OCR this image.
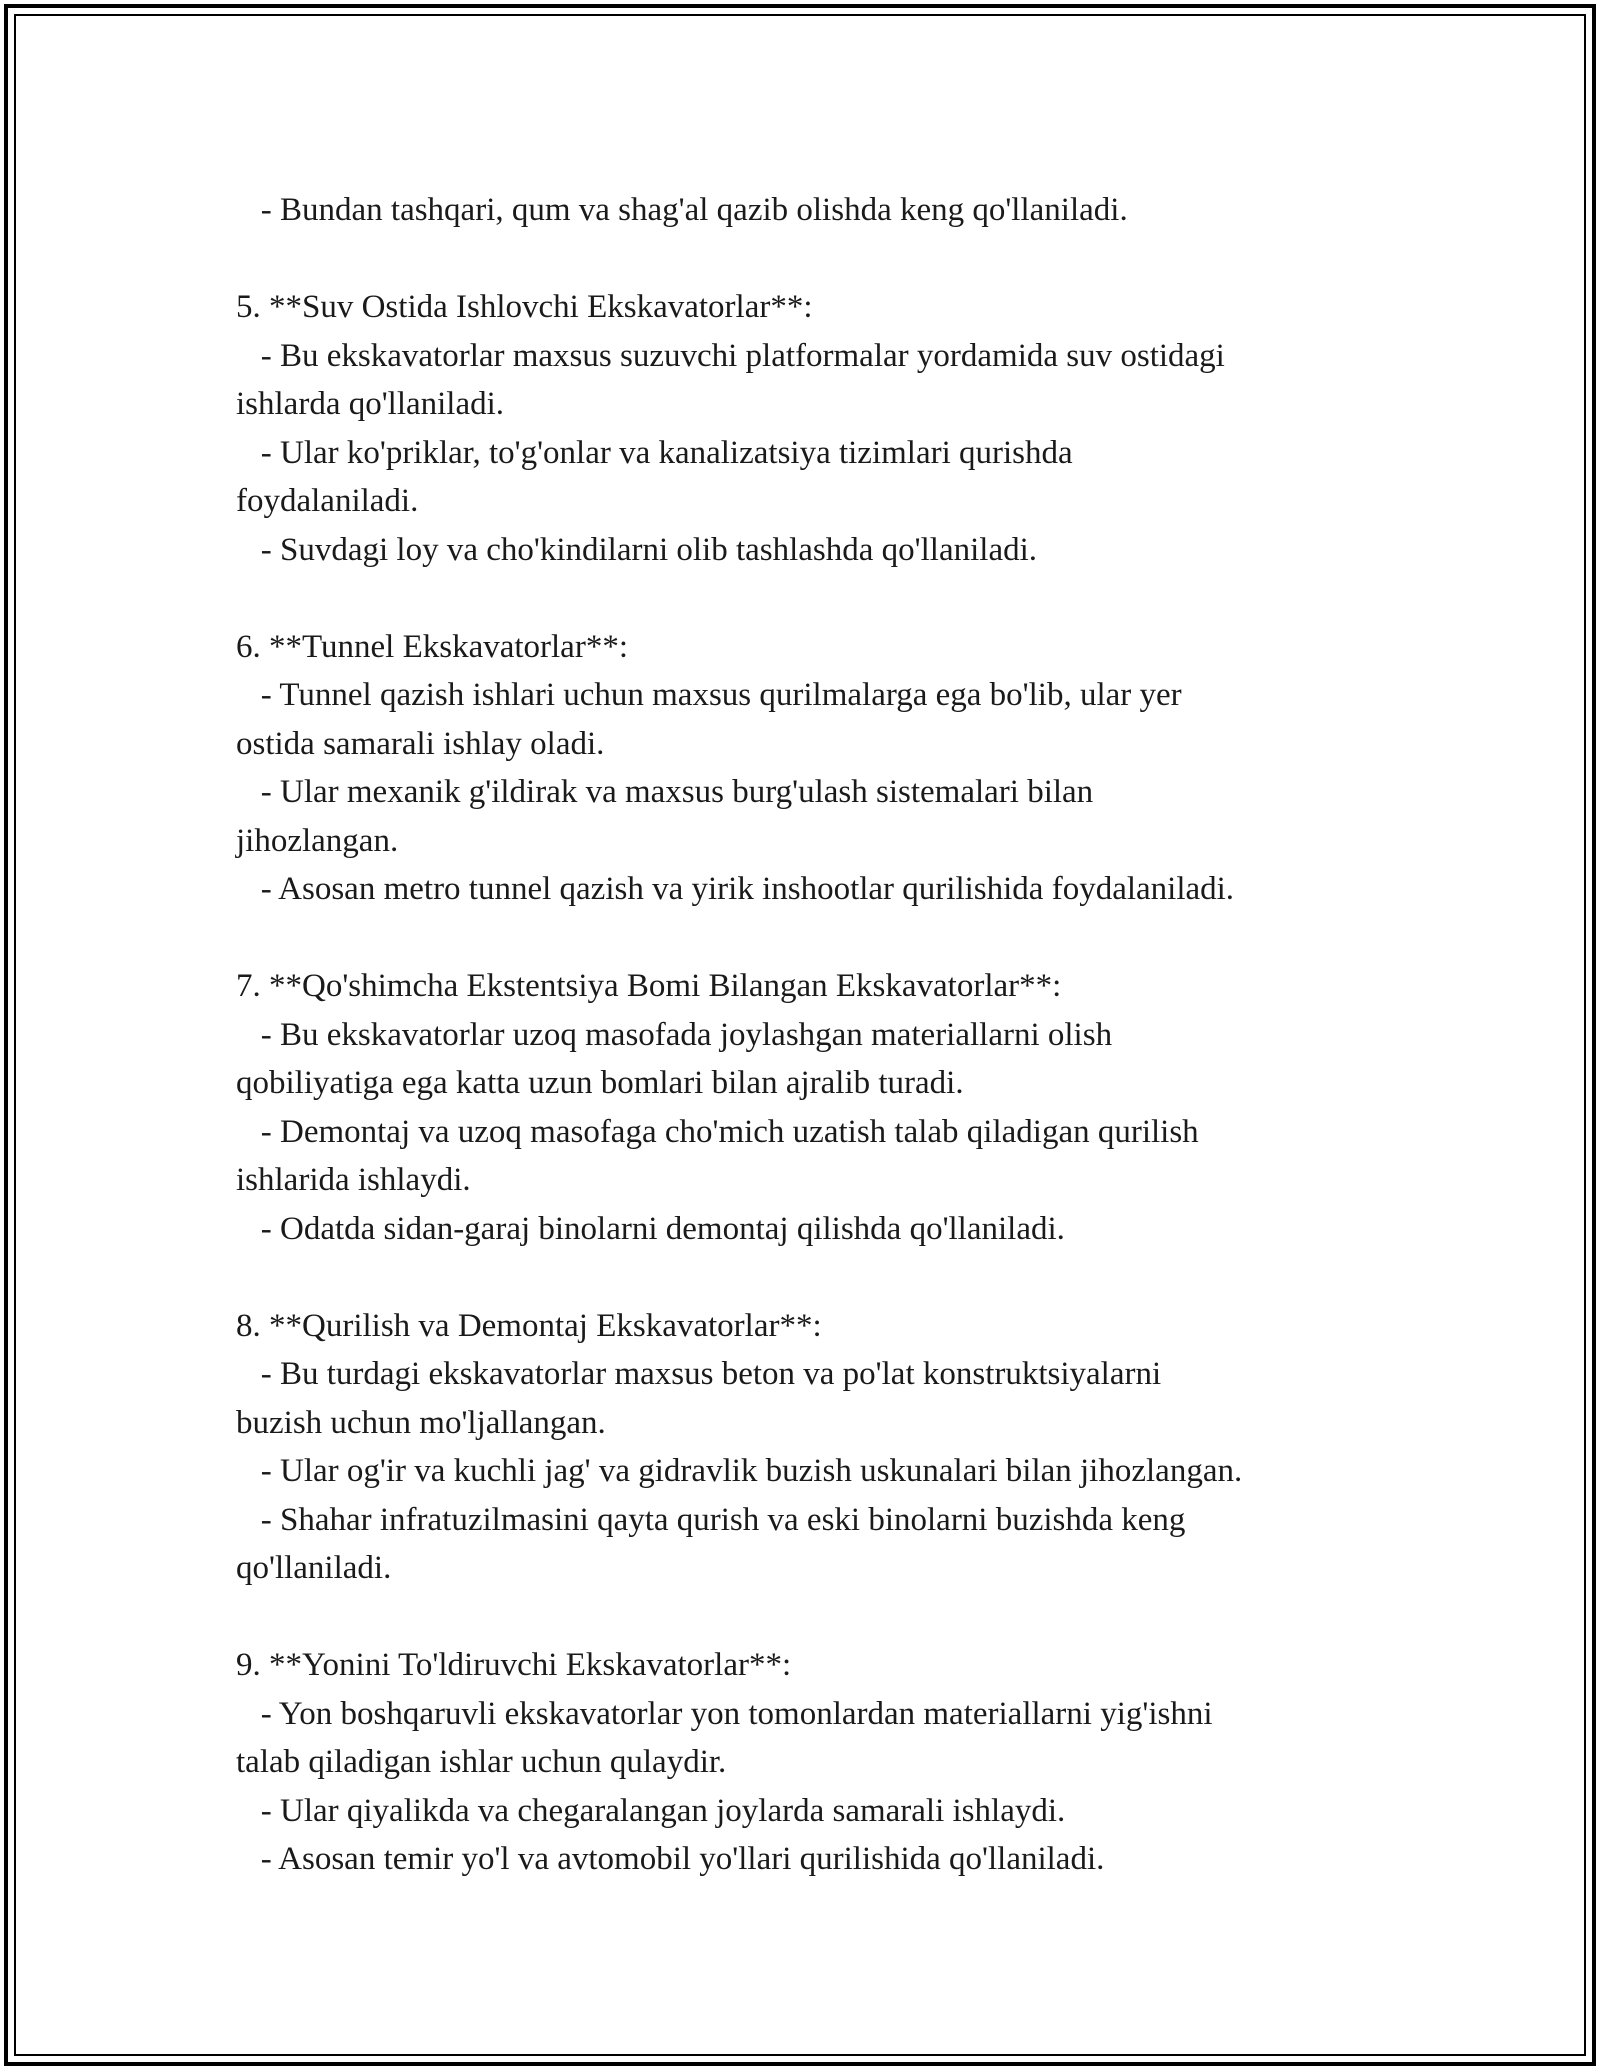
- Bundan tashqari, qum va shag'al qazib olishda keng qo'llaniladi.
5. **Suv Ostida Ishlovchi Ekskavatorlar**:
- Bu ekskavatorlar maxsus suzuvchi platformalar yordamida suv ostidagi
ishlarda qo'llaniladi.
- Ular ko'priklar, to'g'onlar va kanalizatsiya tizimlari qurishda
foydalaniladi.
- Suvdagi loy va cho'kindilarni olib tashlashda qo'llaniladi.
6. **Tunnel Ekskavatorlar**:
- Tunnel qazish ishlari uchun maxsus qurilmalarga ega bo'lib, ular yer
ostida samarali ishlay oladi.
- Ular mexanik g'ildirak va maxsus burg'ulash sistemalari bilan
jihozlangan.
- Asosan metro tunnel qazish va yirik inshootlar qurilishida foydalaniladi.
7. **Qo'shimcha Ekstentsiya Bomi Bilangan Ekskavatorlar**:
- Bu ekskavatorlar uzoq masofada joylashgan materiallarni olish
qobiliyatiga ega katta uzun bomlari bilan ajralib turadi.
- Demontaj va uzoq masofaga cho'mich uzatish talab qiladigan qurilish
ishlarida ishlaydi.
- Odatda sidan-garaj binolarni demontaj qilishda qo'llaniladi.
8. **Qurilish va Demontaj Ekskavatorlar**:
- Bu turdagi ekskavatorlar maxsus beton va po'lat konstruktsiyalarni
buzish uchun mo'ljallangan.
- Ular og'ir va kuchli jag' va gidravlik buzish uskunalari bilan jihozlangan.
- Shahar infratuzilmasini qayta qurish va eski binolarni buzishda keng
qo'llaniladi.
9. **Yonini To'ldiruvchi Ekskavatorlar**:
- Yon boshqaruvli ekskavatorlar yon tomonlardan materiallarni yig'ishni
talab qiladigan ishlar uchun qulaydir.
- Ular qiyalikda va chegaralangan joylarda samarali ishlaydi.
- Asosan temir yo'l va avtomobil yo'llari qurilishida qo'llaniladi.
